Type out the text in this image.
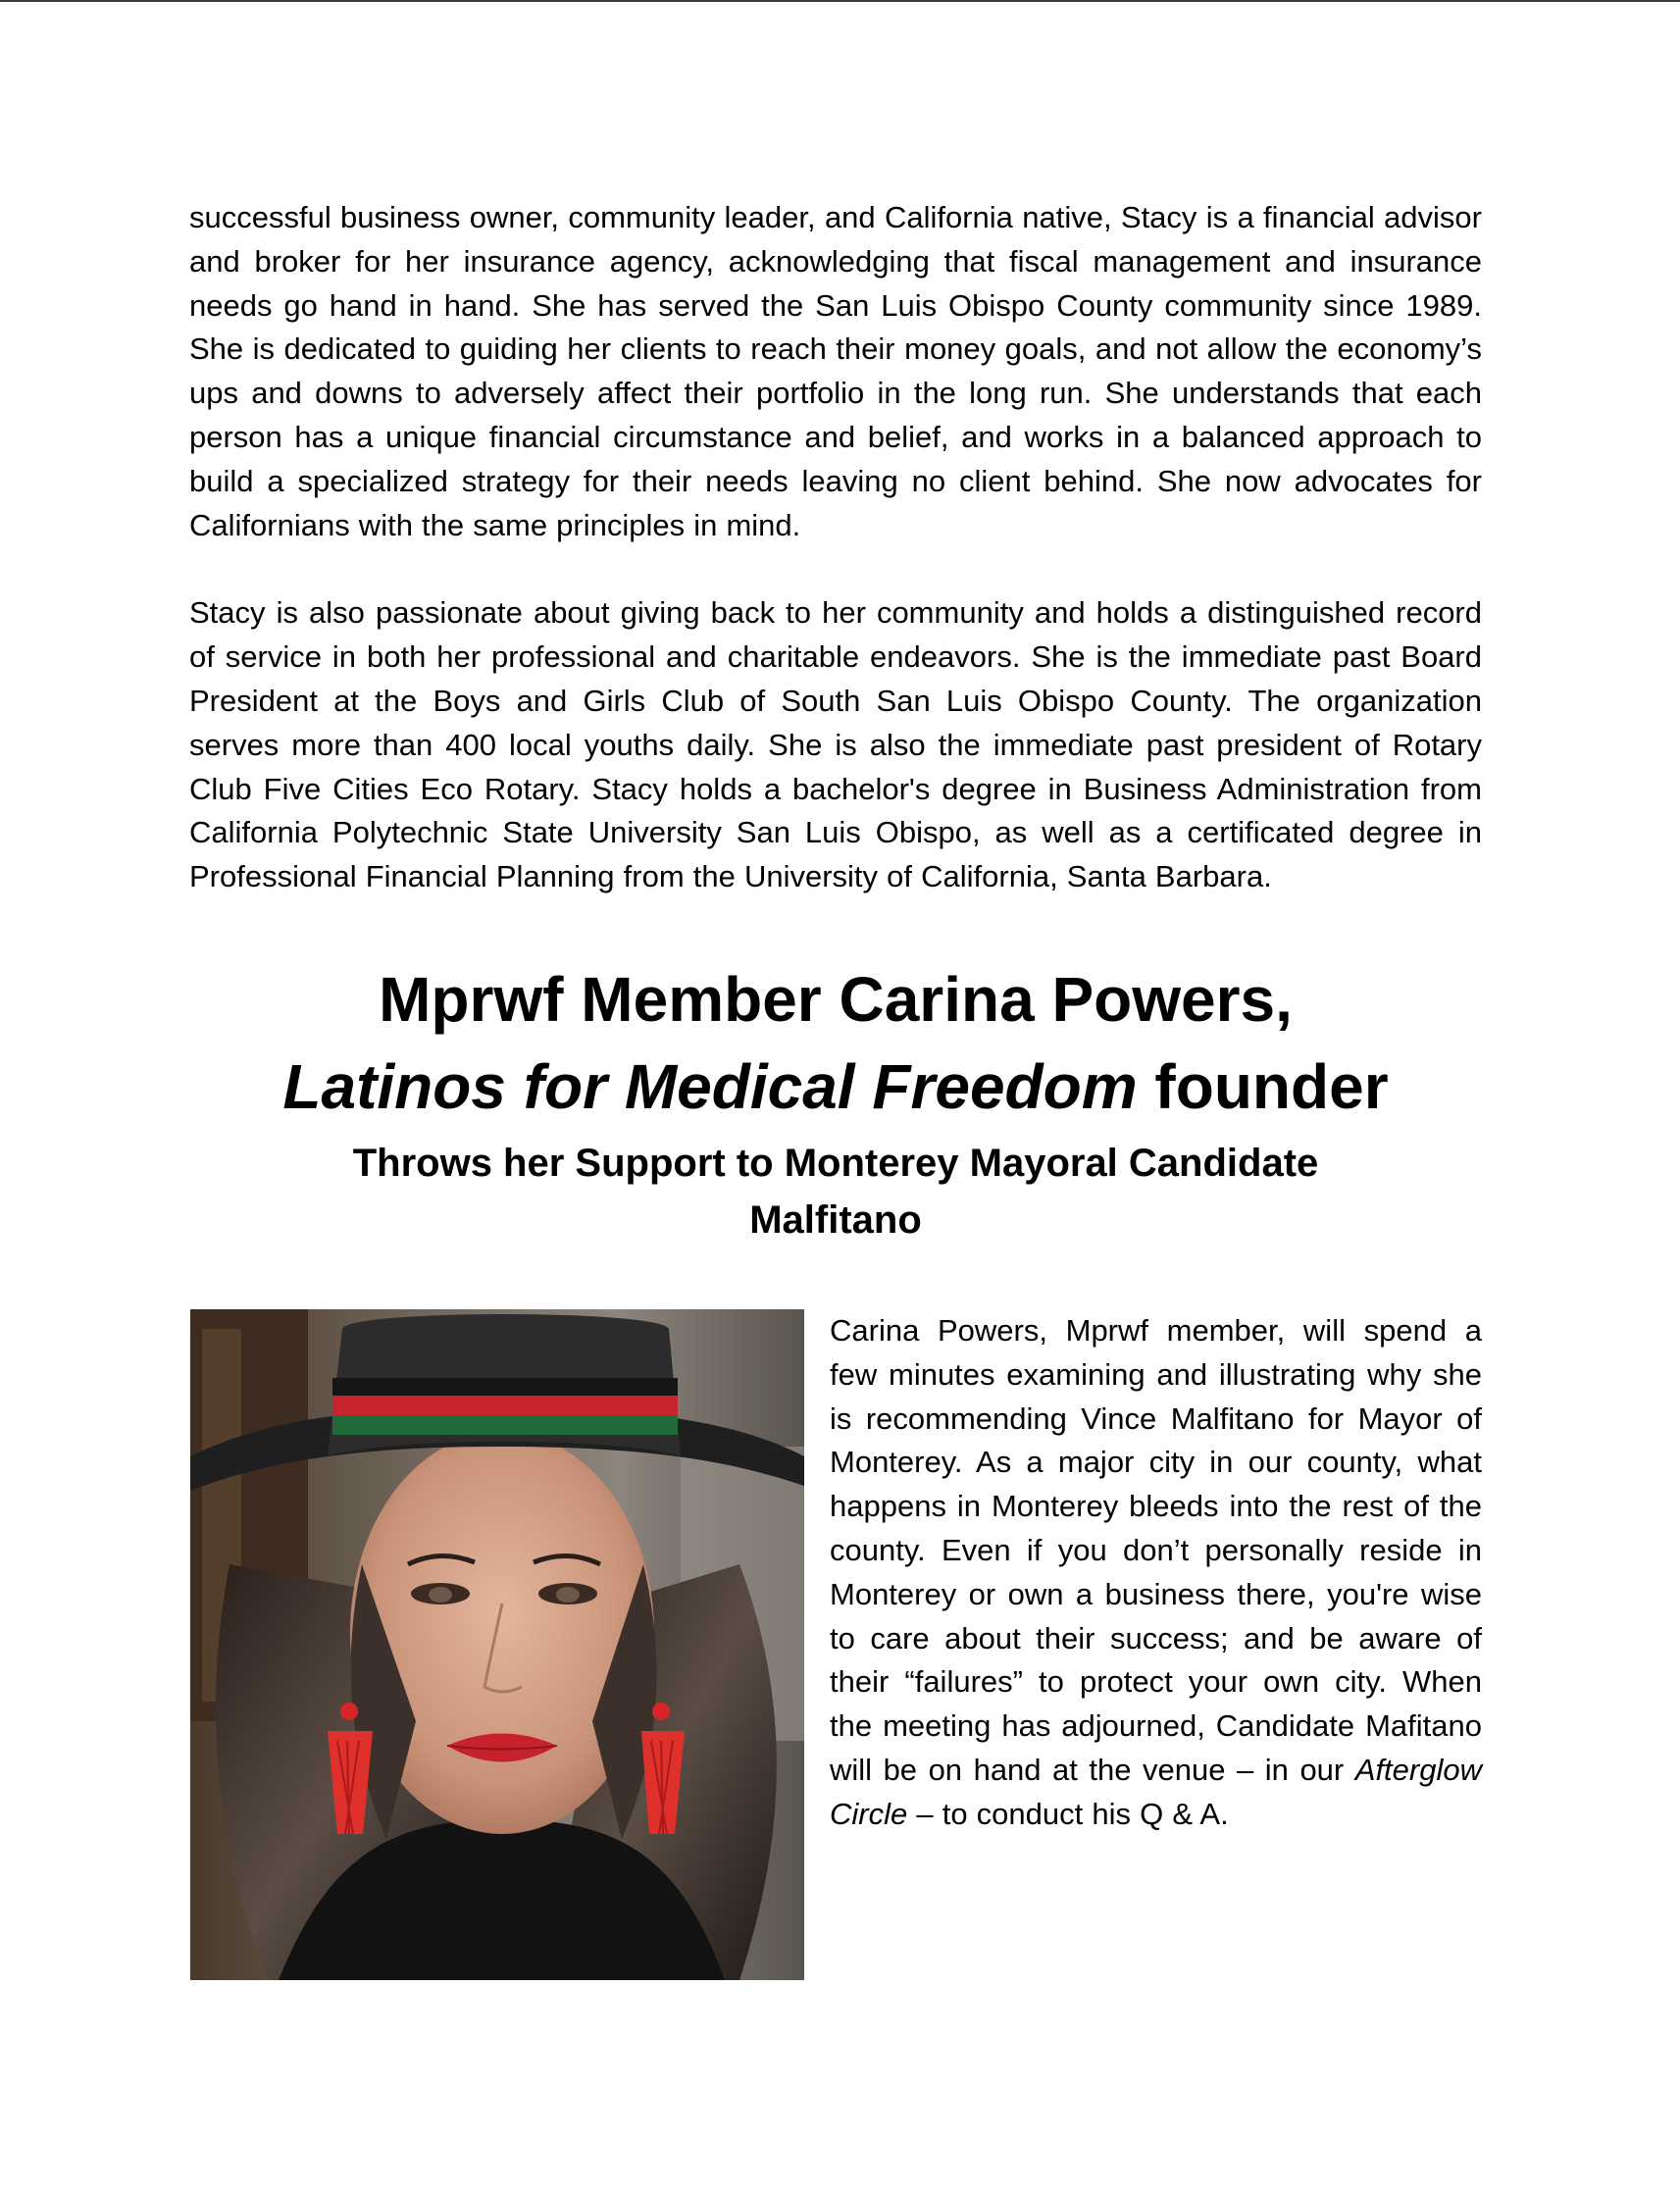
successful business owner, community leader, and California native, Stacy is a financial advisor and broker for her insurance agency, acknowledging that fiscal management and insurance needs go hand in hand. She has served the San Luis Obispo County community since 1989. She is dedicated to guiding her clients to reach their money goals, and not allow the economy’s ups and downs to adversely affect their portfolio in the long run. She understands that each person has a unique financial circumstance and belief, and works in a balanced approach to build a specialized strategy for their needs leaving no client behind. She now advocates for Californians with the same principles in mind.

Stacy is also passionate about giving back to her community and holds a distinguished record of service in both her professional and charitable endeavors. She is the immediate past Board President at the Boys and Girls Club of South San Luis Obispo County. The organization serves more than 400 local youths daily. She is also the immediate past president of Rotary Club Five Cities Eco Rotary. Stacy holds a bachelor's degree in Business Administration from California Polytechnic State University San Luis Obispo, as well as a certificated degree in Professional Financial Planning from the University of California, Santa Barbara.

Mprwf Member Carina Powers,

Latinos for Medical Freedom founder

Throws her Support to Monterey Mayoral Candidate Malfitano

Carina Powers, Mprwf member, will spend a few minutes examining and illustrating why she is recommending Vince Malfitano for Mayor of Monterey. As a major city in our county, what happens in Monterey bleeds into the rest of the county. Even if you don’t personally reside in Monterey or own a business there, you're wise to care about their success; and be aware of their “failures” to protect your own city. When the meeting has adjourned, Candidate Mafitano will be on hand at the venue – in our Afterglow Circle – to conduct his Q & A.
